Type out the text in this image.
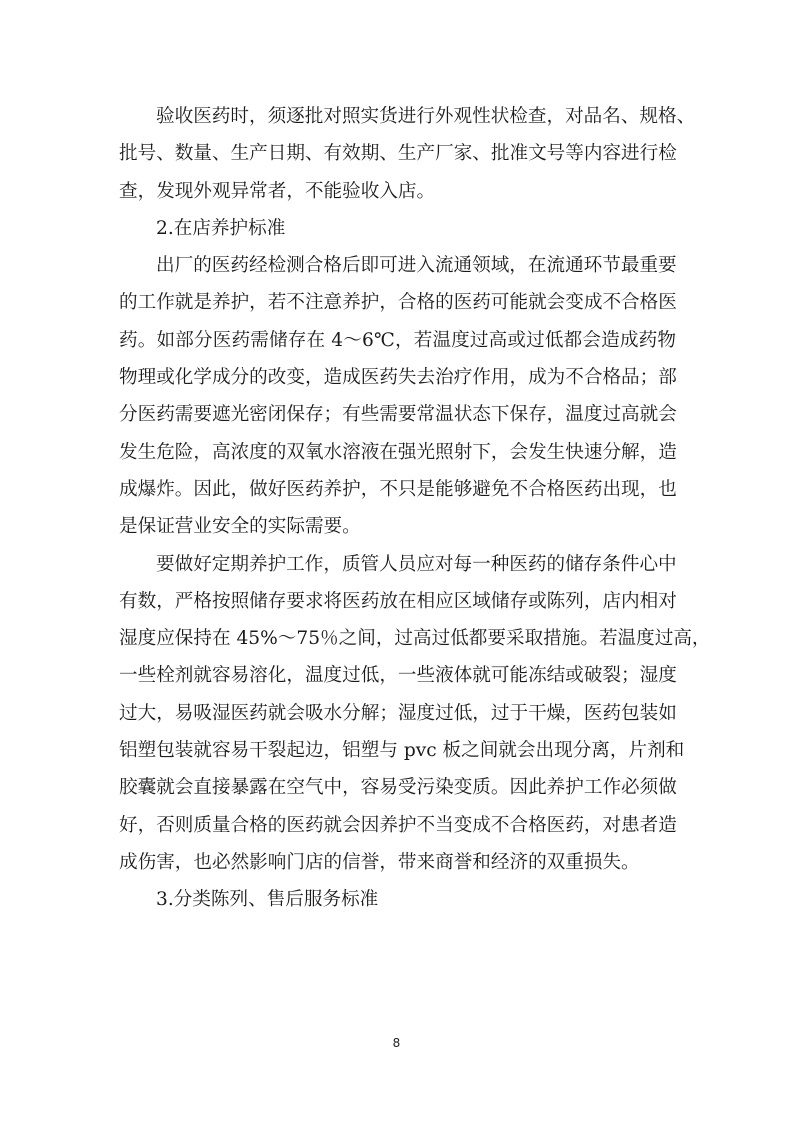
验收医药时，须逐批对照实货进行外观性状检查，对品名、规格、
批号、数量、生产日期、有效期、生产厂家、批准文号等内容进行检
查，发现外观异常者，不能验收入店。
2.在店养护标准
出厂的医药经检测合格后即可进入流通领域，在流通环节最重要
的工作就是养护，若不注意养护，合格的医药可能就会变成不合格医
药。如部分医药需储存在 4～6℃，若温度过高或过低都会造成药物
物理或化学成分的改变，造成医药失去治疗作用，成为不合格品；部
分医药需要遮光密闭保存；有些需要常温状态下保存，温度过高就会
发生危险，高浓度的双氧水溶液在强光照射下，会发生快速分解，造
成爆炸。因此，做好医药养护，不只是能够避免不合格医药出现，也
是保证营业安全的实际需要。
要做好定期养护工作，质管人员应对每一种医药的储存条件心中
有数，严格按照储存要求将医药放在相应区域储存或陈列，店内相对
湿度应保持在 45%～75％之间，过高过低都要采取措施。若温度过高，
一些栓剂就容易溶化，温度过低，一些液体就可能冻结或破裂；湿度
过大，易吸湿医药就会吸水分解；湿度过低，过于干燥，医药包装如
铝塑包装就容易干裂起边，铝塑与 pvc 板之间就会出现分离，片剂和
胶囊就会直接暴露在空气中，容易受污染变质。因此养护工作必须做
好，否则质量合格的医药就会因养护不当变成不合格医药，对患者造
成伤害，也必然影响门店的信誉，带来商誉和经济的双重损失。
3.分类陈列、售后服务标准
8
